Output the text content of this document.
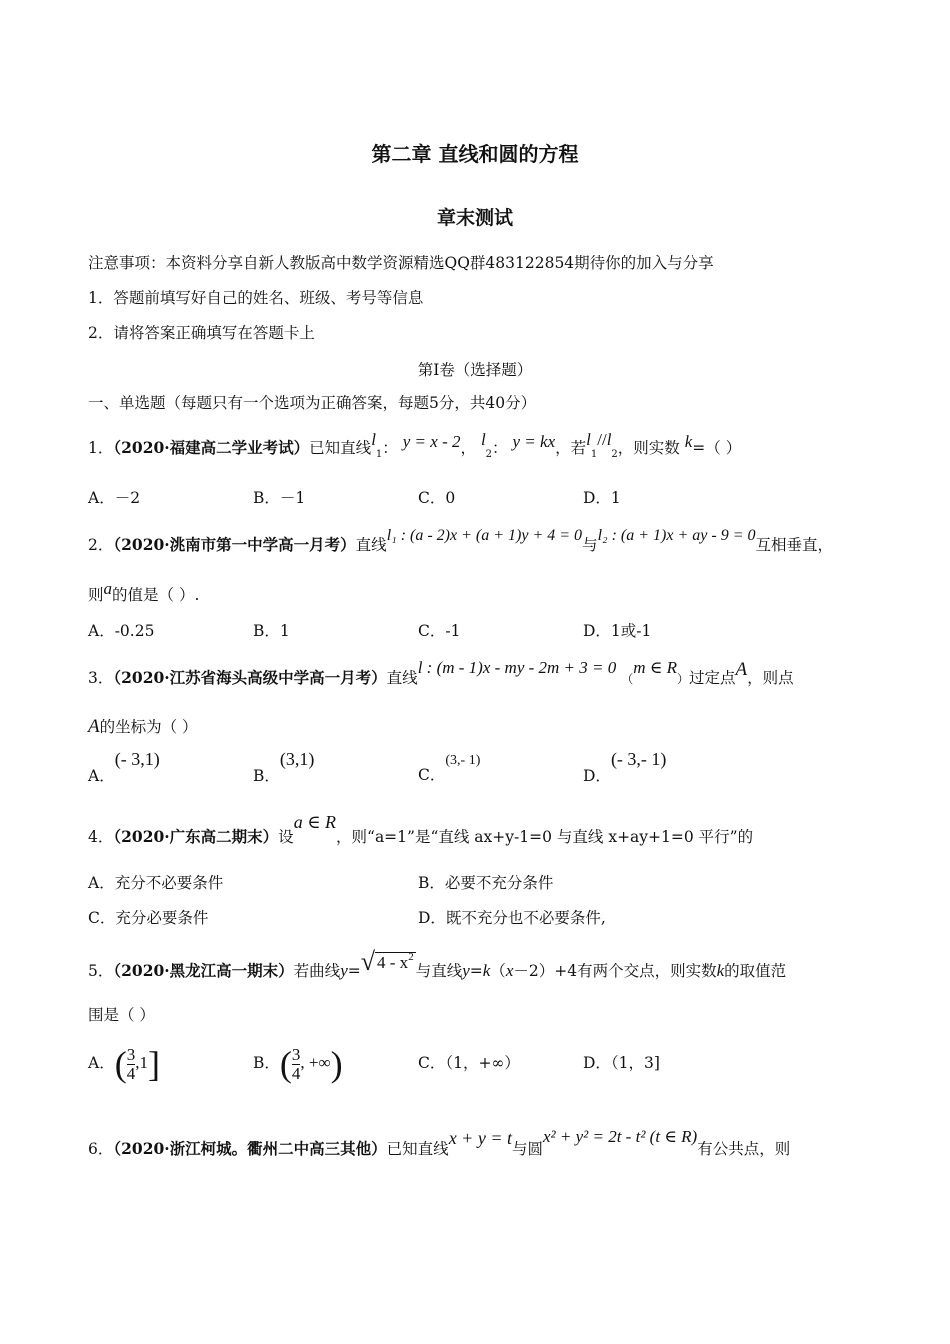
第二章 直线和圆的方程
章末测试
注意事项：本资料分享自新人教版高中数学资源精选QQ群483122854期待你的加入与分享
1．答题前填写好自己的姓名、班级、考号等信息
2．请将答案正确填写在答题卡上
第I卷（选择题）
一、单选题（每题只有一个选项为正确答案，每题5分，共40分）
1．（2020·福建高二学业考试）已知直线$l_1$： y = x - 2， $l_2$： y = kx，若$l_1//l_2$，则实数 k=（ ）
A．－2	B．－1	C．0	D．1
2．（2020·洮南市第一中学高一月考）直线l₁ : (a - 2)x + (a + 1)y + 4 = 0与l₂ : (a + 1)x + ay - 9 = 0互相垂直，
则a的值是（ ）.
A．-0.25	B．1	C．-1	D．1或-1
3．（2020·江苏省海头高级中学高一月考）直线l : (m - 1)x - my - 2m + 3 = 0 （m ∈ R）过定点A，则点
A的坐标为（ ）
A．(- 3,1)
B．(3,1)
C．(3,- 1)
D．(- 3,- 1)
4．（2020·广东高二期末）设a ∈ R，则“a=1”是“直线 ax+y-1=0 与直线 x+ay+1=0 平行”的
A．充分不必要条件	B．必要不充分条件
C．充分必要条件	D．既不充分也不必要条件,
5．（2020·黑龙江高一期末）若曲线y= √ $4 - x^2$
与直线y=k（x－2）+4有两个交点，则实数k的取值范
围是（ ）
A．( $\frac{3}{4} ,1$]	B．( $\frac{3}{4}$ , +∞)	C．（1，+∞）	D．（1，3]
6．（2020·浙江柯城。衢州二中高三其他）已知直线x + y = t与圆x² + y² = 2t - t² (t ∈ R)有公共点，则
